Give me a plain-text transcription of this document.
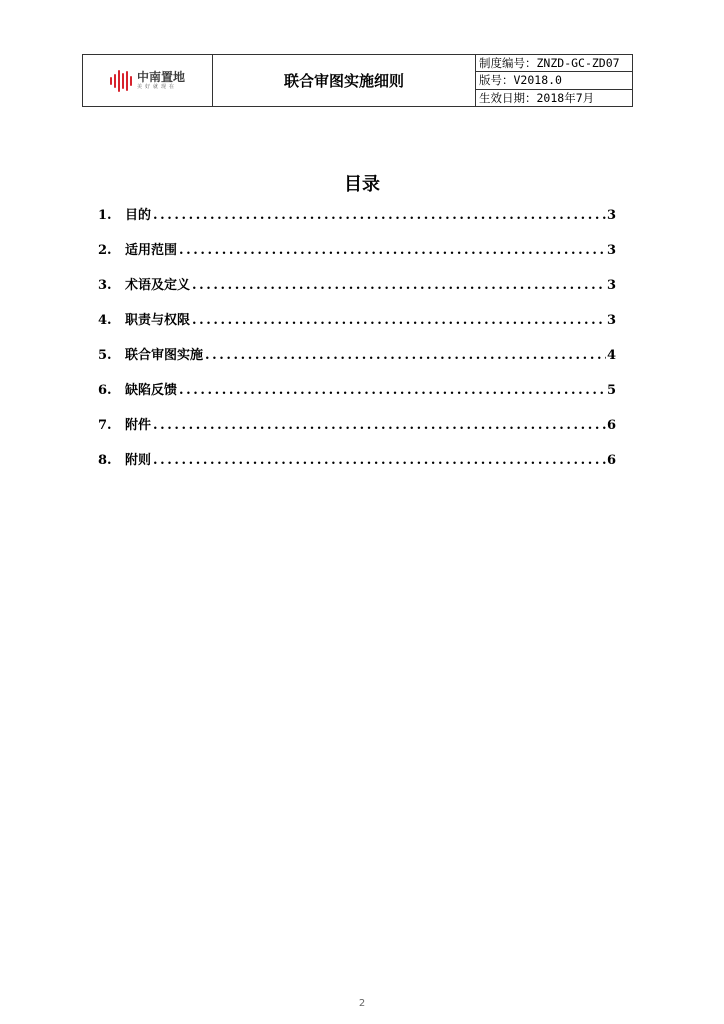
中南置地
美好就现在	联合审图实施细则
制度编号：ZNZD-GC-ZD07
版号：V2018.0
生效日期：2018年7月
目录
1.	目的 .....	3
2.	适用范围 .....	3
3.	术语及定义 .....	3
4.	职责与权限 .....	3
5.	联合审图实施 .....	4
6.	缺陷反馈 .....	5
7.	附件 .....	6
8.	附则 .....	6
2
